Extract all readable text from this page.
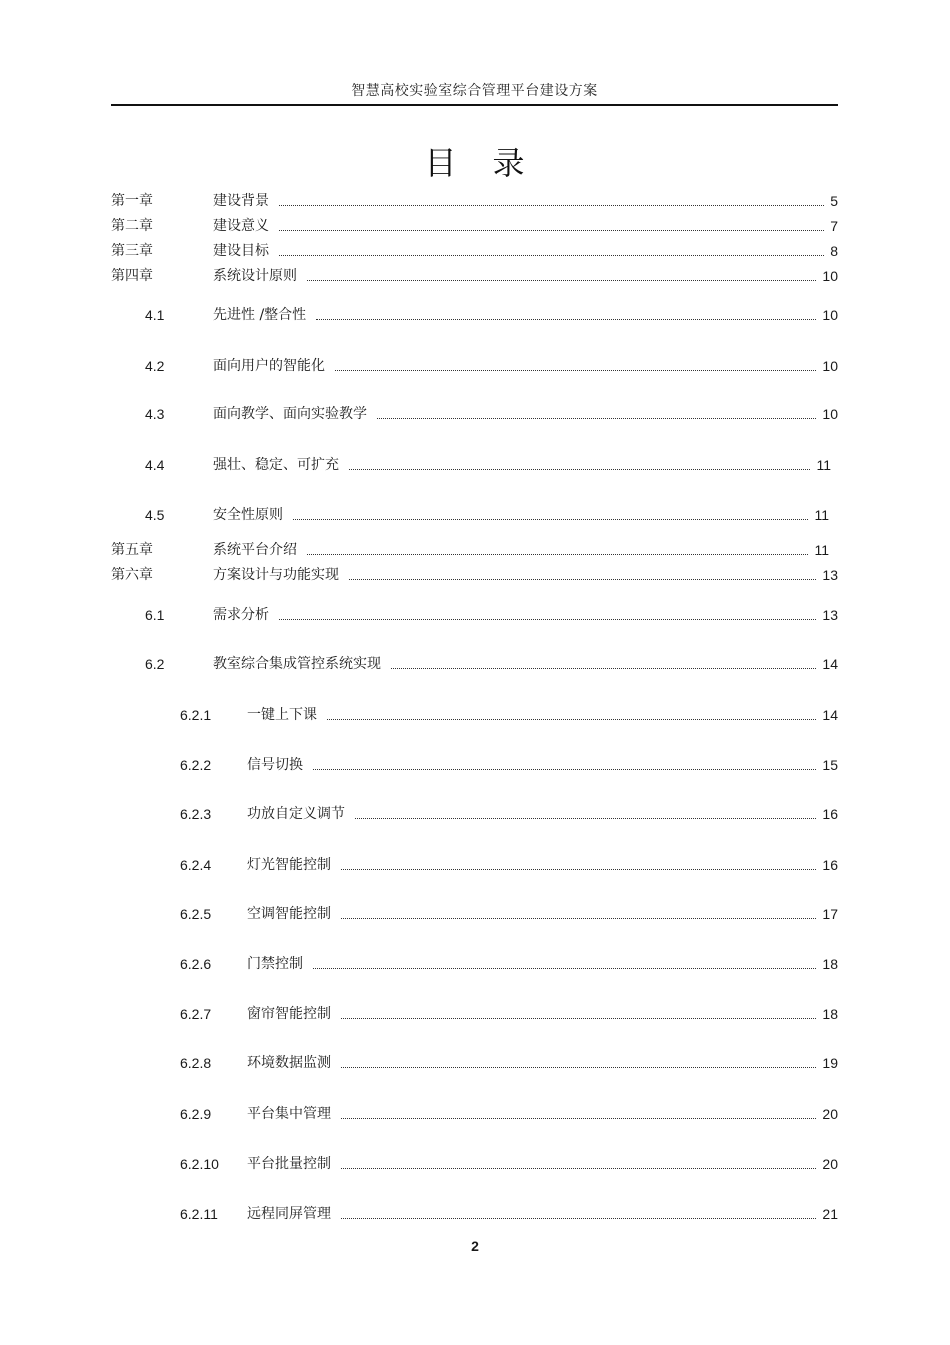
智慧高校实验室综合管理平台建设方案
目录
第一章	建设背景	5
第二章	建设意义	7
第三章	建设目标	8
第四章	系统设计原则	10
4.1	先进性 /整合性	10
4.2	面向用户的智能化	10
4.3	面向教学、面向实验教学	10
4.4	强壮、稳定、可扩充	11
4.5	安全性原则	11
第五章	系统平台介绍	11
第六章	方案设计与功能实现	13
6.1	需求分析	13
6.2	教室综合集成管控系统实现	14
6.2.1	一键上下课	14
6.2.2	信号切换	15
6.2.3	功放自定义调节	16
6.2.4	灯光智能控制	16
6.2.5	空调智能控制	17
6.2.6	门禁控制	18
6.2.7	窗帘智能控制	18
6.2.8	环境数据监测	19
6.2.9	平台集中管理	20
6.2.10 平台批量控制	20
6.2.11 远程同屏管理	21
2
